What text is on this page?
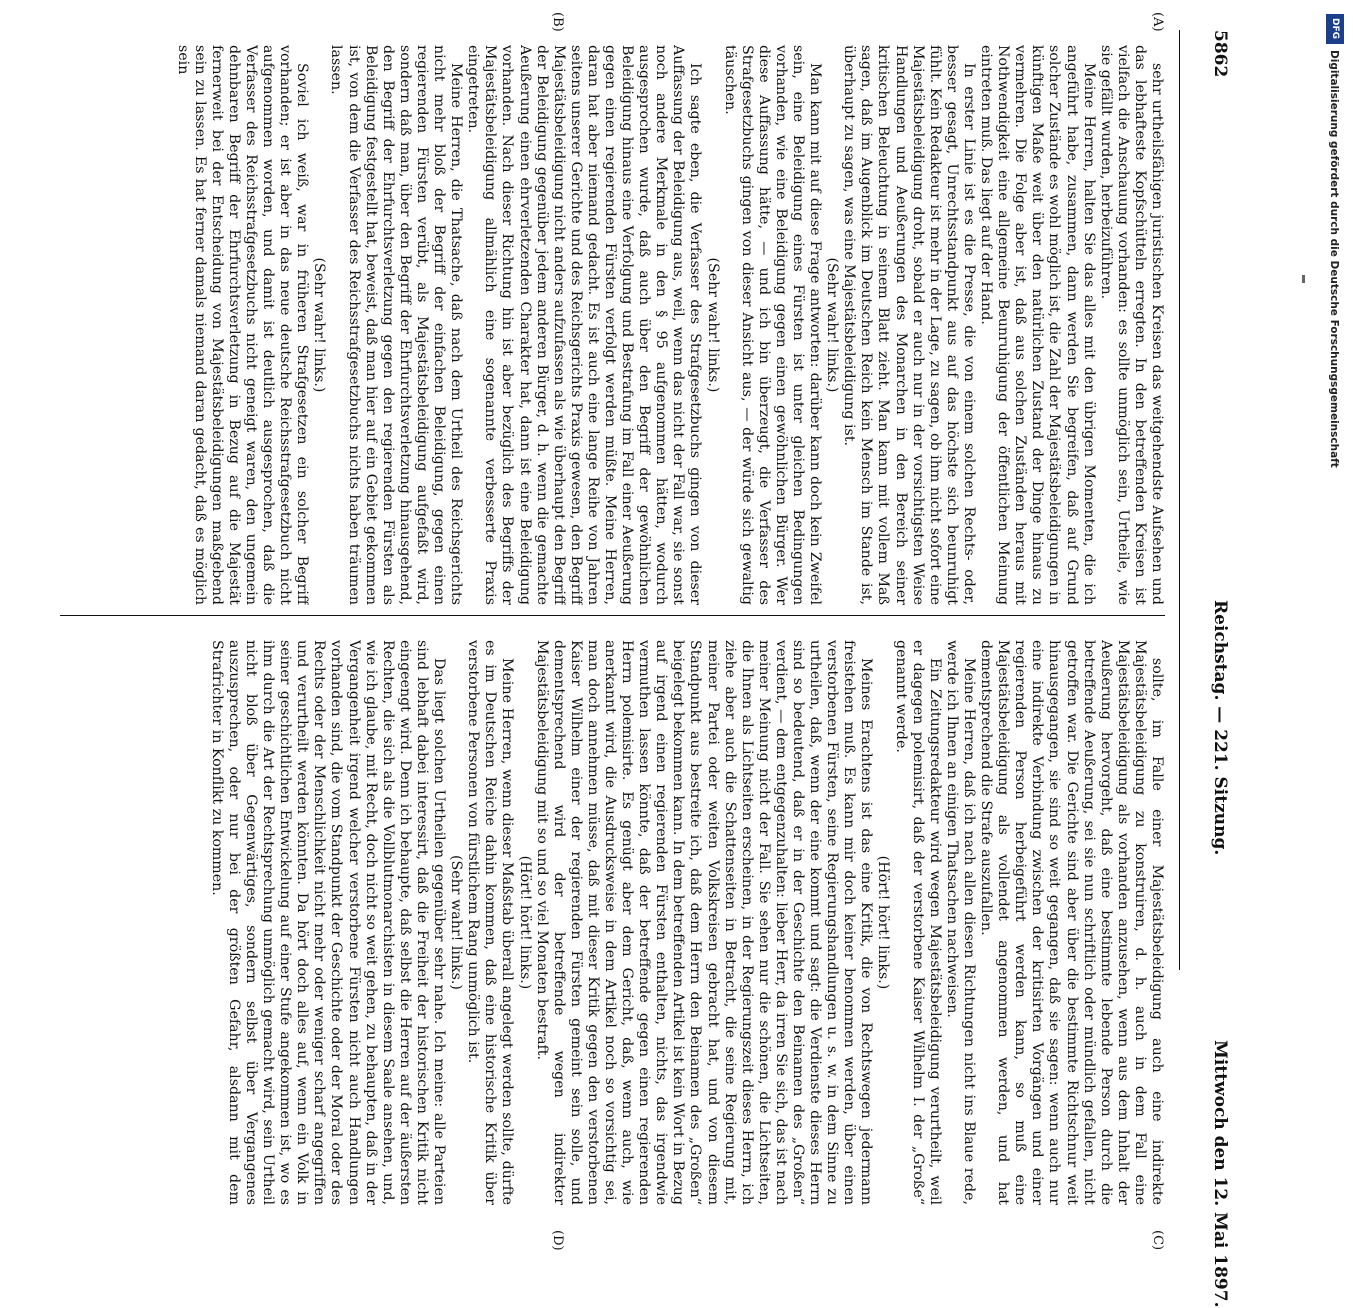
5862
Reichstag. — 221. Sitzung.
Mittwoch den 12. Mai 1897.
(A)
(B)
(C)
(D)

sehr urtheilsfähigen juristischen Kreisen das weitgehendste Aufsehen und das lebhafteste Kopfschütteln erregten. In den betreffenden Kreisen ist vielfach die Anschauung vorhanden: es sollte unmöglich sein, Urtheile, wie sie gefällt wurden, herbeizuführen.

Meine Herren, halten Sie das alles mit den übrigen Momenten, die ich angeführt habe, zusammen, dann werden Sie begreifen, daß auf Grund solcher Zustände es wohl möglich ist, die Zahl der Majestätsbeleidigungen in künftigen Maße weit über den natürlichen Zustand der Dinge hinaus zu vermehren. Die Folge aber ist, daß aus solchen Zuständen heraus mit Nothwendigkeit eine allgemeine Beunruhigung der öffentlichen Meinung eintreten muß. Das liegt auf der Hand.

In erster Linie ist es die Presse, die von einem solchen Rechts- oder, besser gesagt, Unrechtsstandpunkt aus auf das höchste sich beunruhigt fühlt. Kein Redakteur ist mehr in der Lage, zu sagen, ob ihm nicht sofort eine Majestätsbeleidigung droht, sobald er auch nur in der vorsichtigsten Weise Handlungen und Aeußerungen des Monarchen in den Bereich seiner kritischen Beleuchtung in seinem Blatt zieht. Man kann mit vollem Maß sagen, daß im Augenblick im Deutschen Reich kein Mensch im Stande ist, überhaupt zu sagen, was eine Majestätsbeleidigung ist.

(Sehr wahr! links.)

Man kann mit auf diese Frage antworten: darüber kann doch kein Zweifel sein, eine Beleidigung eines Fürsten ist unter gleichen Bedingungen vorhanden, wie eine Beleidigung gegen einen gewöhnlichen Bürger. Wer diese Auffassung hätte, — und ich bin überzeugt, die Verfasser des Strafgesetzbuchs gingen von dieser Ansicht aus, — der würde sich gewaltig täuschen.

(Sehr wahr! links.)

Ich sagte eben, die Verfasser des Strafgesetzbuchs gingen von dieser Auffassung der Beleidigung aus, weil, wenn das nicht der Fall war, sie sonst noch andere Merkmale in den § 95 aufgenommen hätten, wodurch ausgesprochen wurde, daß auch über den Begriff der gewöhnlichen Beleidigung hinaus eine Verfolgung und Bestrafung im Fall einer Aeußerung gegen einen regierenden Fürsten verfolgt werden müßte. Meine Herren, daran hat aber niemand gedacht. Es ist auch eine lange Reihe von Jahren seitens unserer Gerichte und des Reichsgerichts Praxis gewesen, den Begriff Majestätsbeleidigung nicht anders aufzufassen als wie überhaupt den Begriff der Beleidigung gegenüber jedem anderen Bürger, d. h. wenn die gemachte Aeußerung einen ehrverletzenden Charakter hat, dann ist eine Beleidigung vorhanden. Nach dieser Richtung hin ist aber bezüglich des Begriffs der Majestätsbeleidigung allmählich eine sogenannte verbesserte Praxis eingetreten.

Meine Herren, die Thatsache, daß nach dem Urtheil des Reichsgerichts nicht mehr bloß der Begriff der einfachen Beleidigung, gegen einen regierenden Fürsten verübt, als Majestätsbeleidigung aufgefaßt wird, sondern daß man, über den Begriff der Ehrfurchtsverletzung hinausgehend, den Begriff der Ehrfurchtsverletzung gegen den regierenden Fürsten als Beleidigung festgestellt hat, beweist, daß man hier auf ein Gebiet gekommen ist, von dem die Verfasser des Reichsstrafgesetzbuchs nichts haben träumen lassen.

(Sehr wahr! links.)

Soviel ich weiß, war in früheren Strafgesetzen ein solcher Begriff vorhanden; er ist aber in das neue deutsche Reichsstrafgesetzbuch nicht aufgenommen worden, und damit ist deutlich ausgesprochen, daß die Verfasser des Reichsstrafgesetzbuchs nicht geneigt waren, den ungemein dehnbaren Begriff der Ehrfurchtsverletzung in Bezug auf die Majestät fernerweit bei der Entscheidung von Majestätsbeleidigungen maßgebend sein zu lassen. Es hat ferner damals niemand daran gedacht, daß es möglich sein

sollte, im Falle einer Majestätsbeleidigung auch eine indirekte Majestätsbeleidigung zu konstruiren, d. h. auch in dem Fall eine Majestätsbeleidigung als vorhanden anzusehen, wenn aus dem Inhalt der Aeußerung hervorgeht, daß eine bestimmte lebende Person durch die betreffende Aeußerung, sei sie nun schriftlich oder mündlich gefallen, nicht getroffen war. Die Gerichte sind aber über die bestimmte Richtschnur weit hinausgegangen, sie sind so weit gegangen, daß sie sagen: wenn auch nur eine indirekte Verbindung zwischen der kritisirten Vorgängen und einer regierenden Person herbeigeführt werden kann, so muß eine Majestätsbeleidigung als vollendet angenommen werden, und hat dementsprechend die Strafe auszufallen.

Meine Herren, daß ich nach allen diesen Richtungen nicht ins Blaue rede, werde ich Ihnen an einigen Thatsachen nachweisen.

Ein Zeitungsredakteur wird wegen Majestätsbeleidigung verurtheilt, weil er dagegen polemisirt, daß der verstorbene Kaiser Wilhelm I. der „Große“ genannt werde.

(Hört! hört! links.)

Meines Erachtens ist das eine Kritik, die von Rechtswegen jedermann freistehen muß. Es kann mir doch keiner benommen werden, über einen verstorbenen Fürsten, seine Regierungshandlungen u. s. w. in dem Sinne zu urtheilen, daß, wenn der eine kommt und sagt: die Verdienste dieses Herrn sind so bedeutend, daß er in der Geschichte den Beinamen des „Großen“ verdient, — dem entgegenzuhalten: lieber Herr, da irren Sie sich, das ist nach meiner Meinung nicht der Fall. Sie sehen nur die schönen, die Lichtseiten, die Ihnen als Lichtseiten erscheinen, in der Regierungszeit dieses Herrn, ich ziehe aber auch die Schattenseiten in Betracht, die seine Regierung mit, meiner Partei oder weiten Volkskreisen gebracht hat, und von diesem Standpunkt aus bestreite ich, daß dem Herrn den Beinamen des „Großen“ beigelegt bekommen kann. In dem betreffenden Artikel ist kein Wort in Bezug auf irgend einen regierenden Fürsten enthalten, nichts, das irgendwie vermuthen lassen könnte, daß der betreffende gegen einen regierenden Herrn polemisirte. Es genügt aber dem Gericht, daß, wenn auch, wie anerkannt wird, die Ausdrucksweise in dem Artikel noch so vorsichtig sei, man doch annehmen müsse, daß mit dieser Kritik gegen den verstorbenen Kaiser Wilhelm einer der regierenden Fürsten gemeint sein solle, und dementsprechend wird der betreffende wegen indirekter Majestätsbeleidigung mit so und so viel Monaten bestraft.

(Hört! hört! links.)

Meine Herren, wenn dieser Maßstab überall angelegt werden sollte, dürfte es im Deutschen Reiche dahin kommen, daß eine historische Kritik über verstorbene Personen von fürstlichem Rang unmöglich ist.

(Sehr wahr! links.)

Das liegt solchen Urtheilen gegenüber sehr nahe. Ich meine: alle Parteien sind lebhaft dabei interessirt, daß die Freiheit der historischen Kritik nicht eingeengt wird. Denn ich behaupte, daß selbst die Herren auf der äußersten Rechten, die sich als die Vollblutmonarchisten in diesem Saale ansehen, und, wie ich glaube, mit Recht, doch nicht so weit gehen, zu behaupten, daß in der Vergangenheit irgend welcher verstorbene Fürsten nicht auch Handlungen vorhanden sind, die vom Standpunkt der Geschichte oder der Moral oder des Rechts oder der Menschlichkeit nicht mehr oder weniger scharf angegriffen und verurtheilt werden könnten. Da hört doch alles auf, wenn ein Volk in seiner geschichtlichen Entwickelung auf einer Stufe angekommen ist, wo es ihm durch die Art der Rechtsprechung unmöglich gemacht wird, sein Urtheil nicht bloß über Gegenwärtiges, sondern selbst über Vergangenes auszusprechen, oder nur bei der größten Gefahr, alsdann mit dem Strafrichter in Konflikt zu kommen.

DFG
Digitalisierung gefördert durch die Deutsche Forschungsgemeinschaft
